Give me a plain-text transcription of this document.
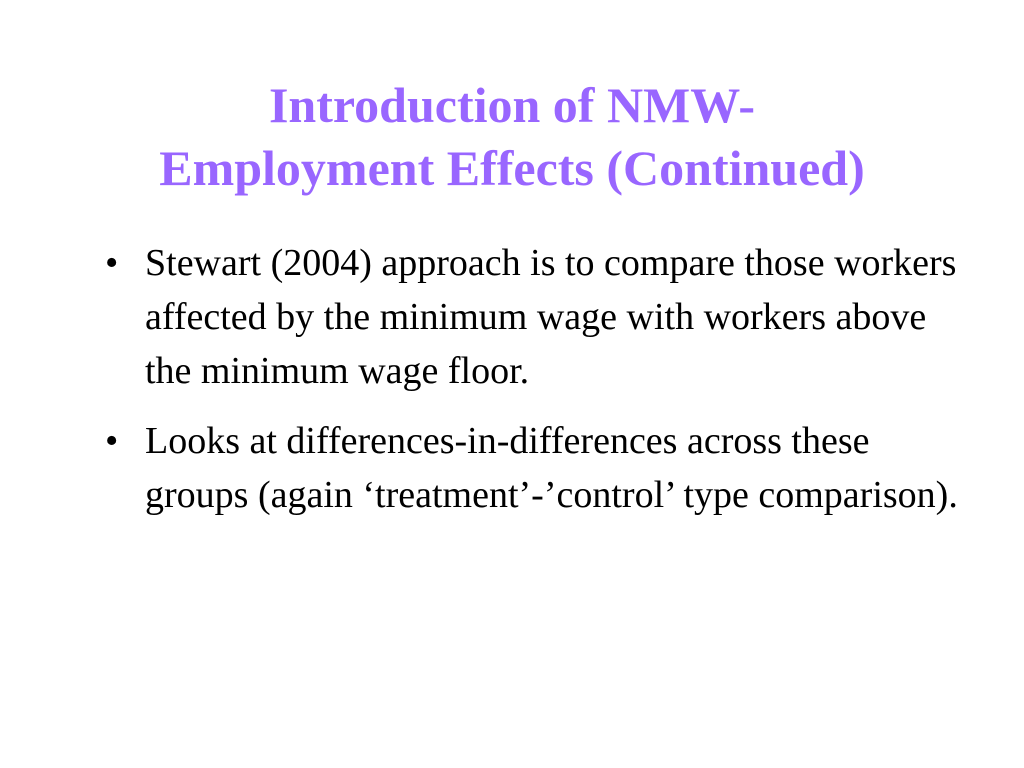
Introduction of NMW-
Employment Effects (Continued)
• Stewart (2004) approach is to compare those workers affected by the minimum wage with workers above the minimum wage floor.
• Looks at differences-in-differences across these groups (again ‘treatment’-’control’ type comparison).
